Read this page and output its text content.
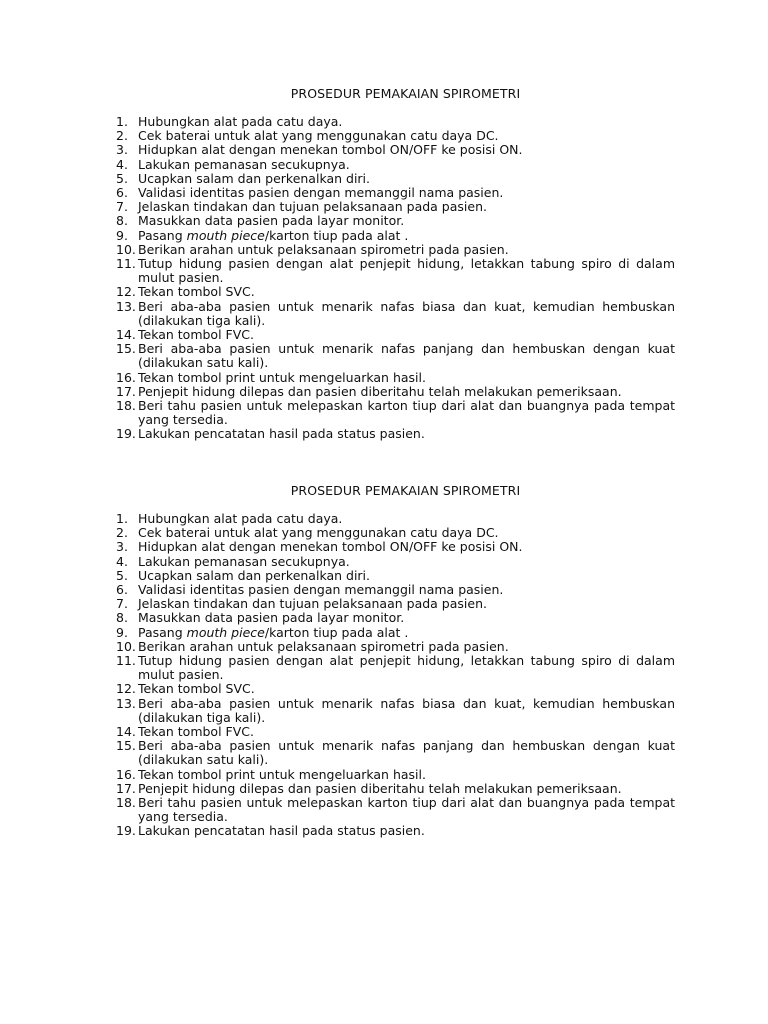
PROSEDUR PEMAKAIAN SPIROMETRI
1. Hubungkan alat pada catu daya.
2. Cek baterai untuk alat yang menggunakan catu daya DC.
3. Hidupkan alat dengan menekan tombol ON/OFF ke posisi ON.
4. Lakukan pemanasan secukupnya.
5. Ucapkan salam dan perkenalkan diri.
6. Validasi identitas pasien dengan memanggil nama pasien.
7. Jelaskan tindakan dan tujuan pelaksanaan pada pasien.
8. Masukkan data pasien pada layar monitor.
9. Pasang mouth piece/karton tiup pada alat .
10. Berikan arahan untuk pelaksanaan spirometri pada pasien.
11. Tutup hidung pasien dengan alat penjepit hidung, letakkan tabung spiro di dalam mulut pasien.
12. Tekan tombol SVC.
13. Beri aba-aba pasien untuk menarik nafas biasa dan kuat, kemudian hembuskan (dilakukan tiga kali).
14. Tekan tombol FVC.
15. Beri aba-aba pasien untuk menarik nafas panjang dan hembuskan dengan kuat (dilakukan satu kali).
16. Tekan tombol print untuk mengeluarkan hasil.
17. Penjepit hidung dilepas dan pasien diberitahu telah melakukan pemeriksaan.
18. Beri tahu pasien untuk melepaskan karton tiup dari alat dan buangnya pada tempat yang tersedia.
19. Lakukan pencatatan hasil pada status pasien.
PROSEDUR PEMAKAIAN SPIROMETRI
1. Hubungkan alat pada catu daya.
2. Cek baterai untuk alat yang menggunakan catu daya DC.
3. Hidupkan alat dengan menekan tombol ON/OFF ke posisi ON.
4. Lakukan pemanasan secukupnya.
5. Ucapkan salam dan perkenalkan diri.
6. Validasi identitas pasien dengan memanggil nama pasien.
7. Jelaskan tindakan dan tujuan pelaksanaan pada pasien.
8. Masukkan data pasien pada layar monitor.
9. Pasang mouth piece/karton tiup pada alat .
10. Berikan arahan untuk pelaksanaan spirometri pada pasien.
11. Tutup hidung pasien dengan alat penjepit hidung, letakkan tabung spiro di dalam mulut pasien.
12. Tekan tombol SVC.
13. Beri aba-aba pasien untuk menarik nafas biasa dan kuat, kemudian hembuskan (dilakukan tiga kali).
14. Tekan tombol FVC.
15. Beri aba-aba pasien untuk menarik nafas panjang dan hembuskan dengan kuat (dilakukan satu kali).
16. Tekan tombol print untuk mengeluarkan hasil.
17. Penjepit hidung dilepas dan pasien diberitahu telah melakukan pemeriksaan.
18. Beri tahu pasien untuk melepaskan karton tiup dari alat dan buangnya pada tempat yang tersedia.
19. Lakukan pencatatan hasil pada status pasien.
